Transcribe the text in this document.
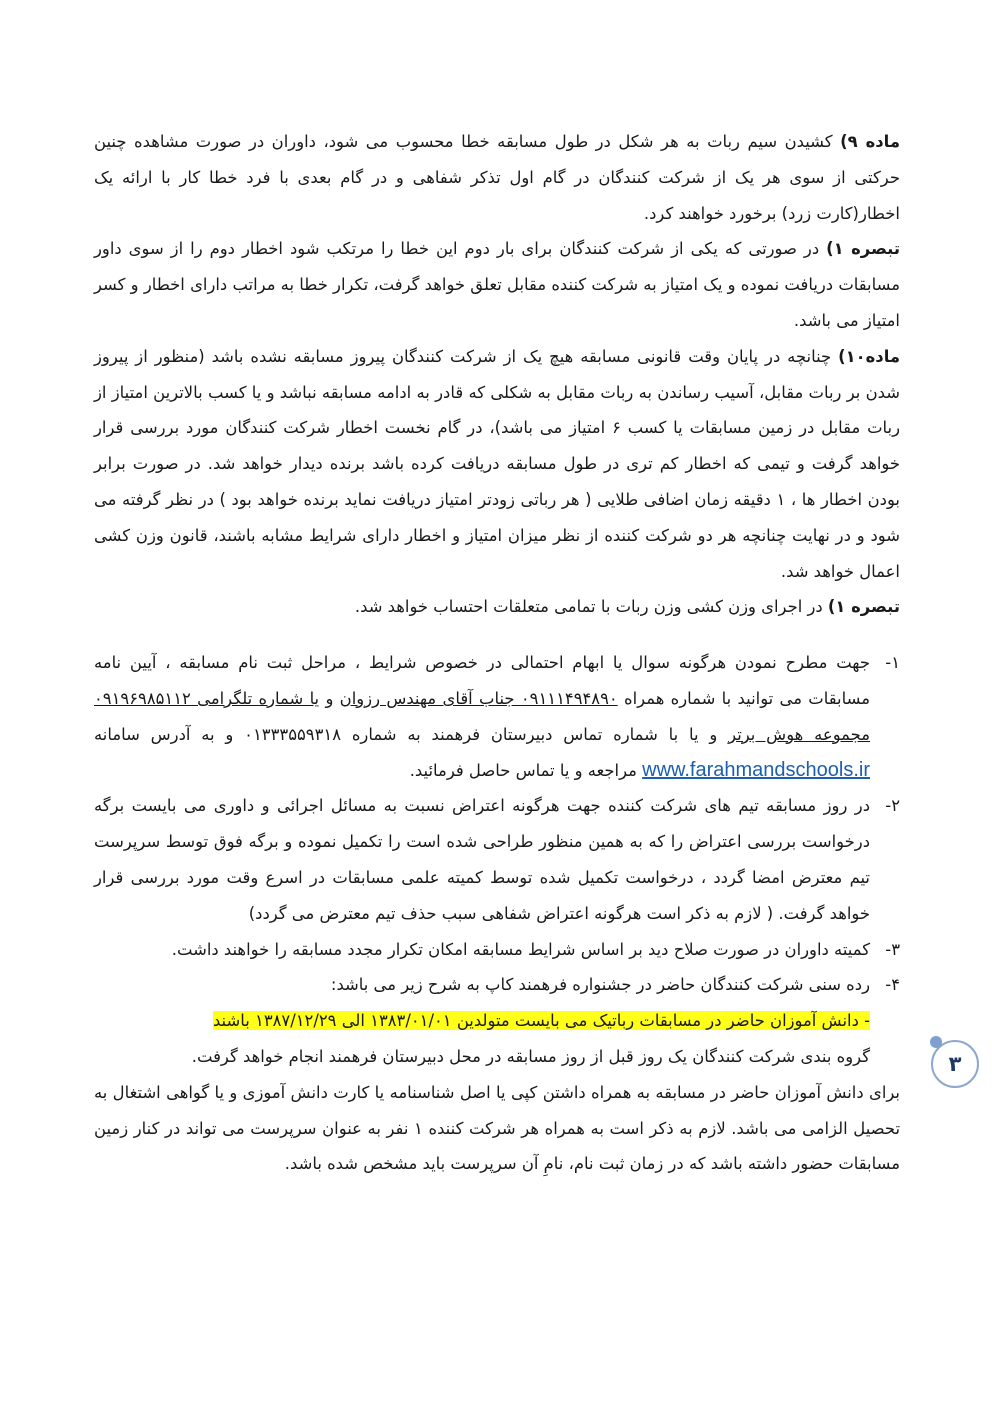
ماده ۹) کشیدن سیم ربات به هر شکل در طول مسابقه خطا محسوب می شود، داوران در صورت مشاهده چنین حرکتی از سوی هر یک از شرکت کنندگان در گام اول تذکر شفاهی و در گام بعدی با فرد خطا کار با ارائه یک اخطار(کارت زرد) برخورد خواهند کرد.

تبصره ۱) در صورتی که یکی از شرکت کنندگان برای بار دوم این خطا را مرتکب شود اخطار دوم را از سوی داور مسابقات دریافت نموده و یک امتیاز به شرکت کننده مقابل تعلق خواهد گرفت، تکرار خطا به مراتب دارای اخطار و کسر امتیاز می باشد.

ماده۱۰) چنانچه در پایان وقت قانونی مسابقه هیچ یک از شرکت کنندگان پیروز مسابقه نشده باشد (منظور از پیروز شدن بر ربات مقابل، آسیب رساندن به ربات مقابل به شکلی که قادر به ادامه مسابقه نباشد و یا کسب بالاترین امتیاز از ربات مقابل در زمین مسابقات یا کسب ۶ امتیاز می باشد)، در گام نخست اخطار شرکت کنندگان مورد بررسی قرار خواهد گرفت و تیمی که اخطار کم تری در طول مسابقه دریافت کرده باشد برنده دیدار خواهد شد. در صورت برابر بودن اخطار ها ، ۱ دقیقه زمان اضافی طلایی ( هر رباتی زودتر امتیاز دریافت نماید برنده خواهد بود ) در نظر گرفته می شود و در نهایت چنانچه هر دو شرکت کننده از نظر میزان امتیاز و اخطار دارای شرایط مشابه باشند، قانون وزن کشی اعمال خواهد شد.

تبصره ۱) در اجرای وزن کشی وزن ربات با تمامی متعلقات احتساب خواهد شد.

۱-
جهت مطرح نمودن هرگونه سوال یا ابهام احتمالی در خصوص شرایط ، مراحل ثبت نام مسابقه ، آیین نامه مسابقات می توانید با شماره همراه ۰۹۱۱۱۴۹۴۸۹۰ جناب آقای مهندس رزوان و یا شماره تلگرامی ۰۹۱۹۶۹۸۵۱۱۲ مجموعه هوش برتر و یا با شماره تماس دبیرستان فرهمند به شماره ۰۱۳۳۳۵۵۹۳۱۸ و به آدرس سامانه www.farahmandschools.ir مراجعه و یا تماس حاصل فرمائید.
۲-
در روز مسابقه تیم های شرکت کننده جهت هرگونه اعتراض نسبت به مسائل اجرائی و داوری می بایست برگه درخواست بررسی اعتراض را که به همین منظور طراحی شده است را تکمیل نموده و برگه فوق توسط سرپرست تیم معترض امضا گردد ، درخواست تکمیل شده توسط کمیته علمی مسابقات در اسرع وقت مورد بررسی قرار خواهد گرفت. ( لازم به ذکر است هرگونه اعتراض شفاهی سبب حذف تیم معترض می گردد)
۳-
کمیته داوران در صورت صلاح دید بر اساس شرایط مسابقه امکان تکرار مجدد مسابقه را خواهند داشت.
۴-
رده سنی شرکت کنندگان حاضر در جشنواره فرهمند کاپ به شرح زیر می باشد:
- دانش آموزان حاضر در مسابقات رباتیک می بایست متولدین ۱۳۸۳/۰۱/۰۱ الی ۱۳۸۷/۱۲/۲۹ باشند
گروه بندی شرکت کنندگان یک روز قبل از روز مسابقه در محل دبیرستان فرهمند انجام خواهد گرفت.

برای دانش آموزان حاضر در مسابقه به همراه داشتن کپی یا اصل شناسنامه یا کارت دانش آموزی و یا گواهی اشتغال به تحصیل الزامی می باشد. لازم به ذکر است به همراه هر شرکت کننده ۱ نفر به عنوان سرپرست می تواند در کنار زمین مسابقات حضور داشته باشد که در زمان ثبت نام، نامِ آن سرپرست باید مشخص شده باشد.

۳
